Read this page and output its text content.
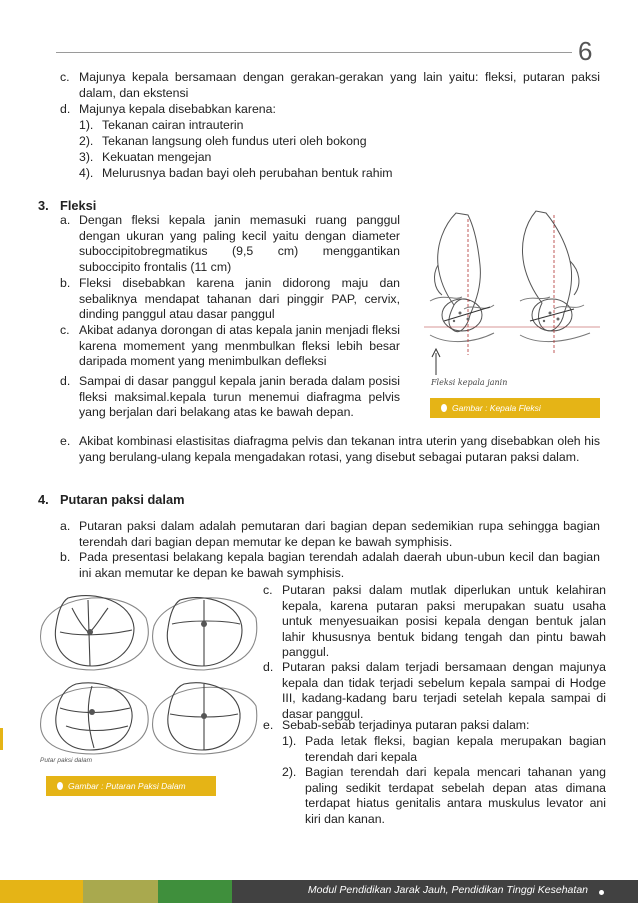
6
c. Majunya kepala bersamaan dengan gerakan-gerakan yang lain yaitu: fleksi, putaran paksi dalam, dan ekstensi
d. Majunya kepala disebabkan karena:
1). Tekanan cairan intrauterin
2). Tekanan langsung oleh fundus uteri oleh bokong
3). Kekuatan mengejan
4). Melurusnya badan bayi oleh perubahan bentuk rahim
3. Fleksi
a. Dengan fleksi kepala janin memasuki ruang panggul dengan ukuran yang paling kecil yaitu dengan diameter suboccipitobregmatikus (9,5 cm) menggantikan suboccipito frontalis (11 cm)
b. Fleksi disebabkan karena janin didorong maju dan sebaliknya mendapat tahanan dari pinggir PAP, cervix, dinding panggul atau dasar panggul
c. Akibat adanya dorongan di atas kepala janin menjadi fleksi karena momement yang menmbulkan fleksi lebih besar daripada moment yang menimbulkan defleksi
d. Sampai di dasar panggul kepala janin berada dalam posisi fleksi maksimal.kepala turun menemui diafragma pelvis yang berjalan dari belakang atas ke bawah depan.
e. Akibat kombinasi elastisitas diafragma pelvis dan tekanan intra uterin yang disebabkan oleh his yang berulang-ulang kepala mengadakan rotasi, yang disebut sebagai putaran paksi dalam.
Fleksi kepala janin
Gambar : Kepala Fleksi
4. Putaran paksi dalam
a. Putaran paksi dalam adalah pemutaran dari bagian depan sedemikian rupa sehingga bagian terendah dari bagian depan memutar ke depan ke bawah symphisis.
b. Pada presentasi belakang kepala bagian terendah adalah daerah ubun-ubun kecil dan bagian ini akan memutar ke depan ke bawah symphisis.
c. Putaran paksi dalam mutlak diperlukan untuk kelahiran kepala, karena putaran paksi merupakan suatu usaha untuk menyesuaikan posisi kepala dengan bentuk jalan lahir khususnya bentuk bidang tengah dan pintu bawah panggul.
d. Putaran paksi dalam terjadi bersamaan dengan majunya kepala dan tidak terjadi sebelum kepala sampai di Hodge III, kadang-kadang baru terjadi setelah kepala sampai di dasar panggul.
e. Sebab-sebab terjadinya putaran paksi dalam:
1). Pada letak fleksi, bagian kepala merupakan bagian terendah dari kepala
2). Bagian terendah dari kepala mencari tahanan yang paling sedikit terdapat sebelah depan atas dimana terdapat hiatus genitalis antara muskulus levator ani kiri dan kanan.
Putar paksi dalam
Gambar : Putaran Paksi Dalam
Modul Pendidikan Jarak Jauh, Pendidikan Tinggi Kesehatan
